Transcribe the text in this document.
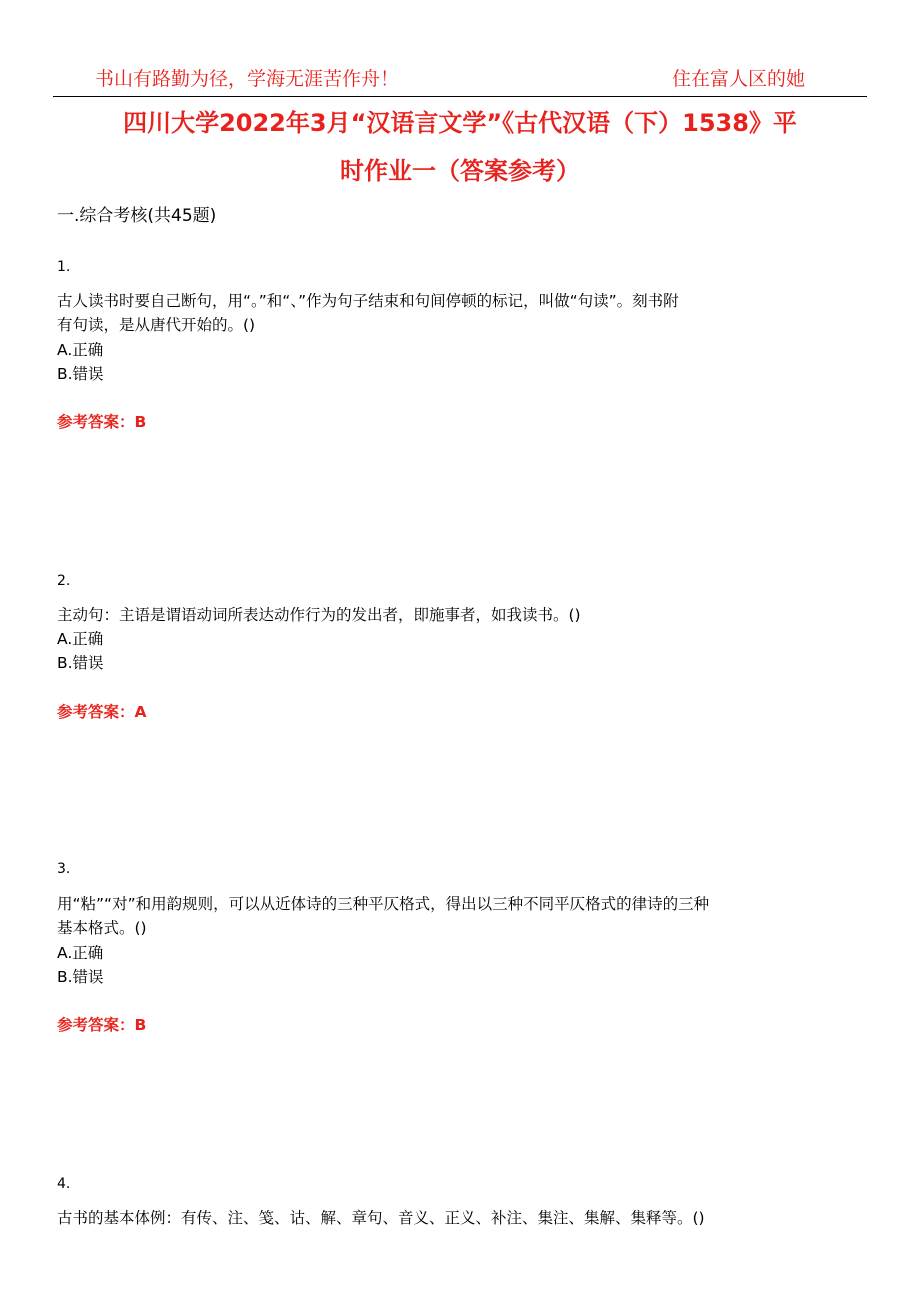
书山有路勤为径，学海无涯苦作舟！	住在富人区的她
四川大学2022年3月“汉语言文学”《古代汉语（下）1538》平
时作业一（答案参考）
一.综合考核(共45题)
1.
古人读书时要自己断句，用“。”和“、”作为句子结束和句间停顿的标记，叫做“句读”。刻书附
有句读，是从唐代开始的。()
A.正确
B.错误
参考答案：B
2.
主动句：主语是谓语动词所表达动作行为的发出者，即施事者，如我读书。()
A.正确
B.错误
参考答案：A
3.
用“粘”“对”和用韵规则，可以从近体诗的三种平仄格式，得出以三种不同平仄格式的律诗的三种
基本格式。()
A.正确
B.错误
参考答案：B
4.
古书的基本体例：有传、注、笺、诂、解、章句、音义、正义、补注、集注、集解、集释等。()
